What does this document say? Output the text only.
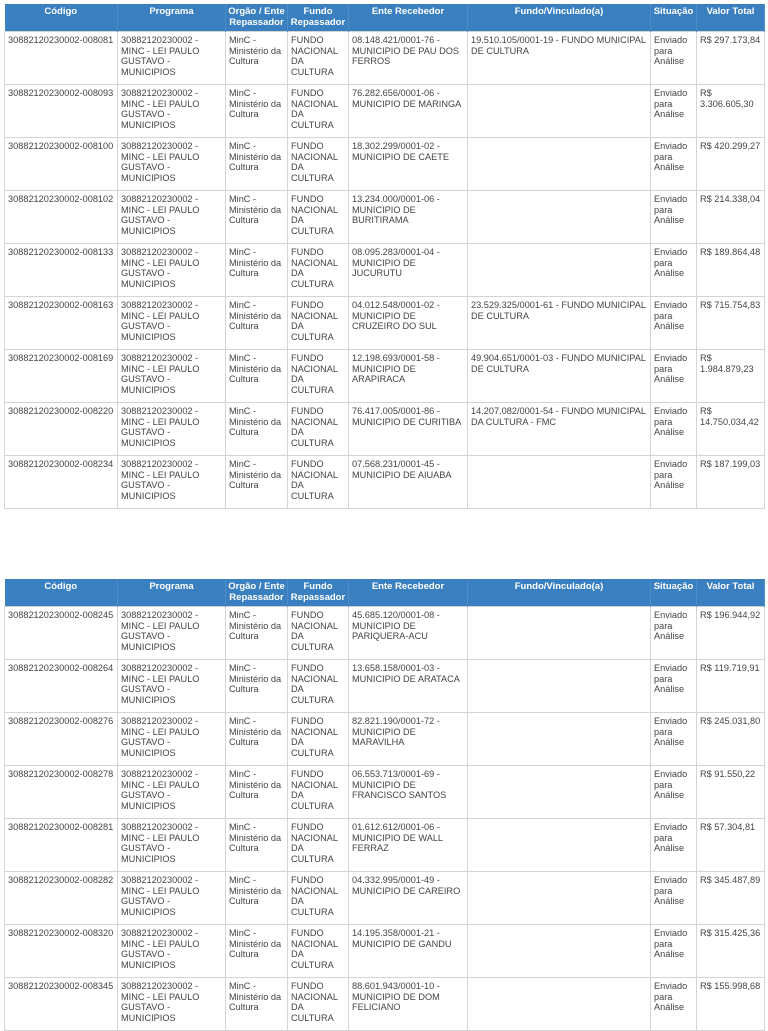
Código	Programa	Orgão / Ente Repassador	Fundo Repassador	Ente Recebedor	Fundo/Vinculado(a)	Situação	Valor Total
30882120230002-008081	30882120230002 - MINC - LEI PAULO GUSTAVO - MUNICIPIOS	MinC - Ministério da Cultura	FUNDO NACIONAL DA CULTURA	08.148.421/0001-76 - MUNICIPIO DE PAU DOS FERROS	19.510.105/0001-19 - FUNDO MUNICIPAL DE CULTURA	Enviado para Análise	R$ 297.173,84
30882120230002-008093	30882120230002 - MINC - LEI PAULO GUSTAVO - MUNICIPIOS	MinC - Ministério da Cultura	FUNDO NACIONAL DA CULTURA	76.282.656/0001-06 - MUNICIPIO DE MARINGA		Enviado para Análise	R$ 3.306.605,30
30882120230002-008100	30882120230002 - MINC - LEI PAULO GUSTAVO - MUNICIPIOS	MinC - Ministério da Cultura	FUNDO NACIONAL DA CULTURA	18.302.299/0001-02 - MUNICIPIO DE CAETE		Enviado para Análise	R$ 420.299,27
30882120230002-008102	30882120230002 - MINC - LEI PAULO GUSTAVO - MUNICIPIOS	MinC - Ministério da Cultura	FUNDO NACIONAL DA CULTURA	13.234.000/0001-06 - MUNICIPIO DE BURITIRAMA		Enviado para Análise	R$ 214.338,04
30882120230002-008133	30882120230002 - MINC - LEI PAULO GUSTAVO - MUNICIPIOS	MinC - Ministério da Cultura	FUNDO NACIONAL DA CULTURA	08.095.283/0001-04 - MUNICIPIO DE JUCURUTU		Enviado para Análise	R$ 189.864,48
30882120230002-008163	30882120230002 - MINC - LEI PAULO GUSTAVO - MUNICIPIOS	MinC - Ministério da Cultura	FUNDO NACIONAL DA CULTURA	04.012.548/0001-02 - MUNICIPIO DE CRUZEIRO DO SUL	23.529.325/0001-61 - FUNDO MUNICIPAL DE CULTURA	Enviado para Análise	R$ 715.754,83
30882120230002-008169	30882120230002 - MINC - LEI PAULO GUSTAVO - MUNICIPIOS	MinC - Ministério da Cultura	FUNDO NACIONAL DA CULTURA	12.198.693/0001-58 - MUNICIPIO DE ARAPIRACA	49.904.651/0001-03 - FUNDO MUNICIPAL DE CULTURA	Enviado para Análise	R$ 1.984.879,23
30882120230002-008220	30882120230002 - MINC - LEI PAULO GUSTAVO - MUNICIPIOS	MinC - Ministério da Cultura	FUNDO NACIONAL DA CULTURA	76.417.005/0001-86 - MUNICIPIO DE CURITIBA	14.207.082/0001-54 - FUNDO MUNICIPAL DA CULTURA - FMC	Enviado para Análise	R$ 14.750.034,42
30882120230002-008234	30882120230002 - MINC - LEI PAULO GUSTAVO - MUNICIPIOS	MinC - Ministério da Cultura	FUNDO NACIONAL DA CULTURA	07.568.231/0001-45 - MUNICIPIO DE AIUABA		Enviado para Análise	R$ 187.199,03
Código	Programa	Orgão / Ente Repassador	Fundo Repassador	Ente Recebedor	Fundo/Vinculado(a)	Situação	Valor Total
30882120230002-008245	30882120230002 - MINC - LEI PAULO GUSTAVO - MUNICIPIOS	MinC - Ministério da Cultura	FUNDO NACIONAL DA CULTURA	45.685.120/0001-08 - MUNICIPIO DE PARIQUERA-ACU		Enviado para Análise	R$ 196.944,92
30882120230002-008264	30882120230002 - MINC - LEI PAULO GUSTAVO - MUNICIPIOS	MinC - Ministério da Cultura	FUNDO NACIONAL DA CULTURA	13.658.158/0001-03 - MUNICIPIO DE ARATACA		Enviado para Análise	R$ 119.719,91
30882120230002-008276	30882120230002 - MINC - LEI PAULO GUSTAVO - MUNICIPIOS	MinC - Ministério da Cultura	FUNDO NACIONAL DA CULTURA	82.821.190/0001-72 - MUNICIPIO DE MARAVILHA		Enviado para Análise	R$ 245.031,80
30882120230002-008278	30882120230002 - MINC - LEI PAULO GUSTAVO - MUNICIPIOS	MinC - Ministério da Cultura	FUNDO NACIONAL DA CULTURA	06.553.713/0001-69 - MUNICIPIO DE FRANCISCO SANTOS		Enviado para Análise	R$ 91.550,22
30882120230002-008281	30882120230002 - MINC - LEI PAULO GUSTAVO - MUNICIPIOS	MinC - Ministério da Cultura	FUNDO NACIONAL DA CULTURA	01.612.612/0001-06 - MUNICIPIO DE WALL FERRAZ		Enviado para Análise	R$ 57.304,81
30882120230002-008282	30882120230002 - MINC - LEI PAULO GUSTAVO - MUNICIPIOS	MinC - Ministério da Cultura	FUNDO NACIONAL DA CULTURA	04.332.995/0001-49 - MUNICIPIO DE CAREIRO		Enviado para Análise	R$ 345.487,89
30882120230002-008320	30882120230002 - MINC - LEI PAULO GUSTAVO - MUNICIPIOS	MinC - Ministério da Cultura	FUNDO NACIONAL DA CULTURA	14.195.358/0001-21 - MUNICIPIO DE GANDU		Enviado para Análise	R$ 315.425,36
30882120230002-008345	30882120230002 - MINC - LEI PAULO GUSTAVO - MUNICIPIOS	MinC - Ministério da Cultura	FUNDO NACIONAL DA CULTURA	88.601.943/0001-10 - MUNICIPIO DE DOM FELICIANO		Enviado para Análise	R$ 155.998,68
